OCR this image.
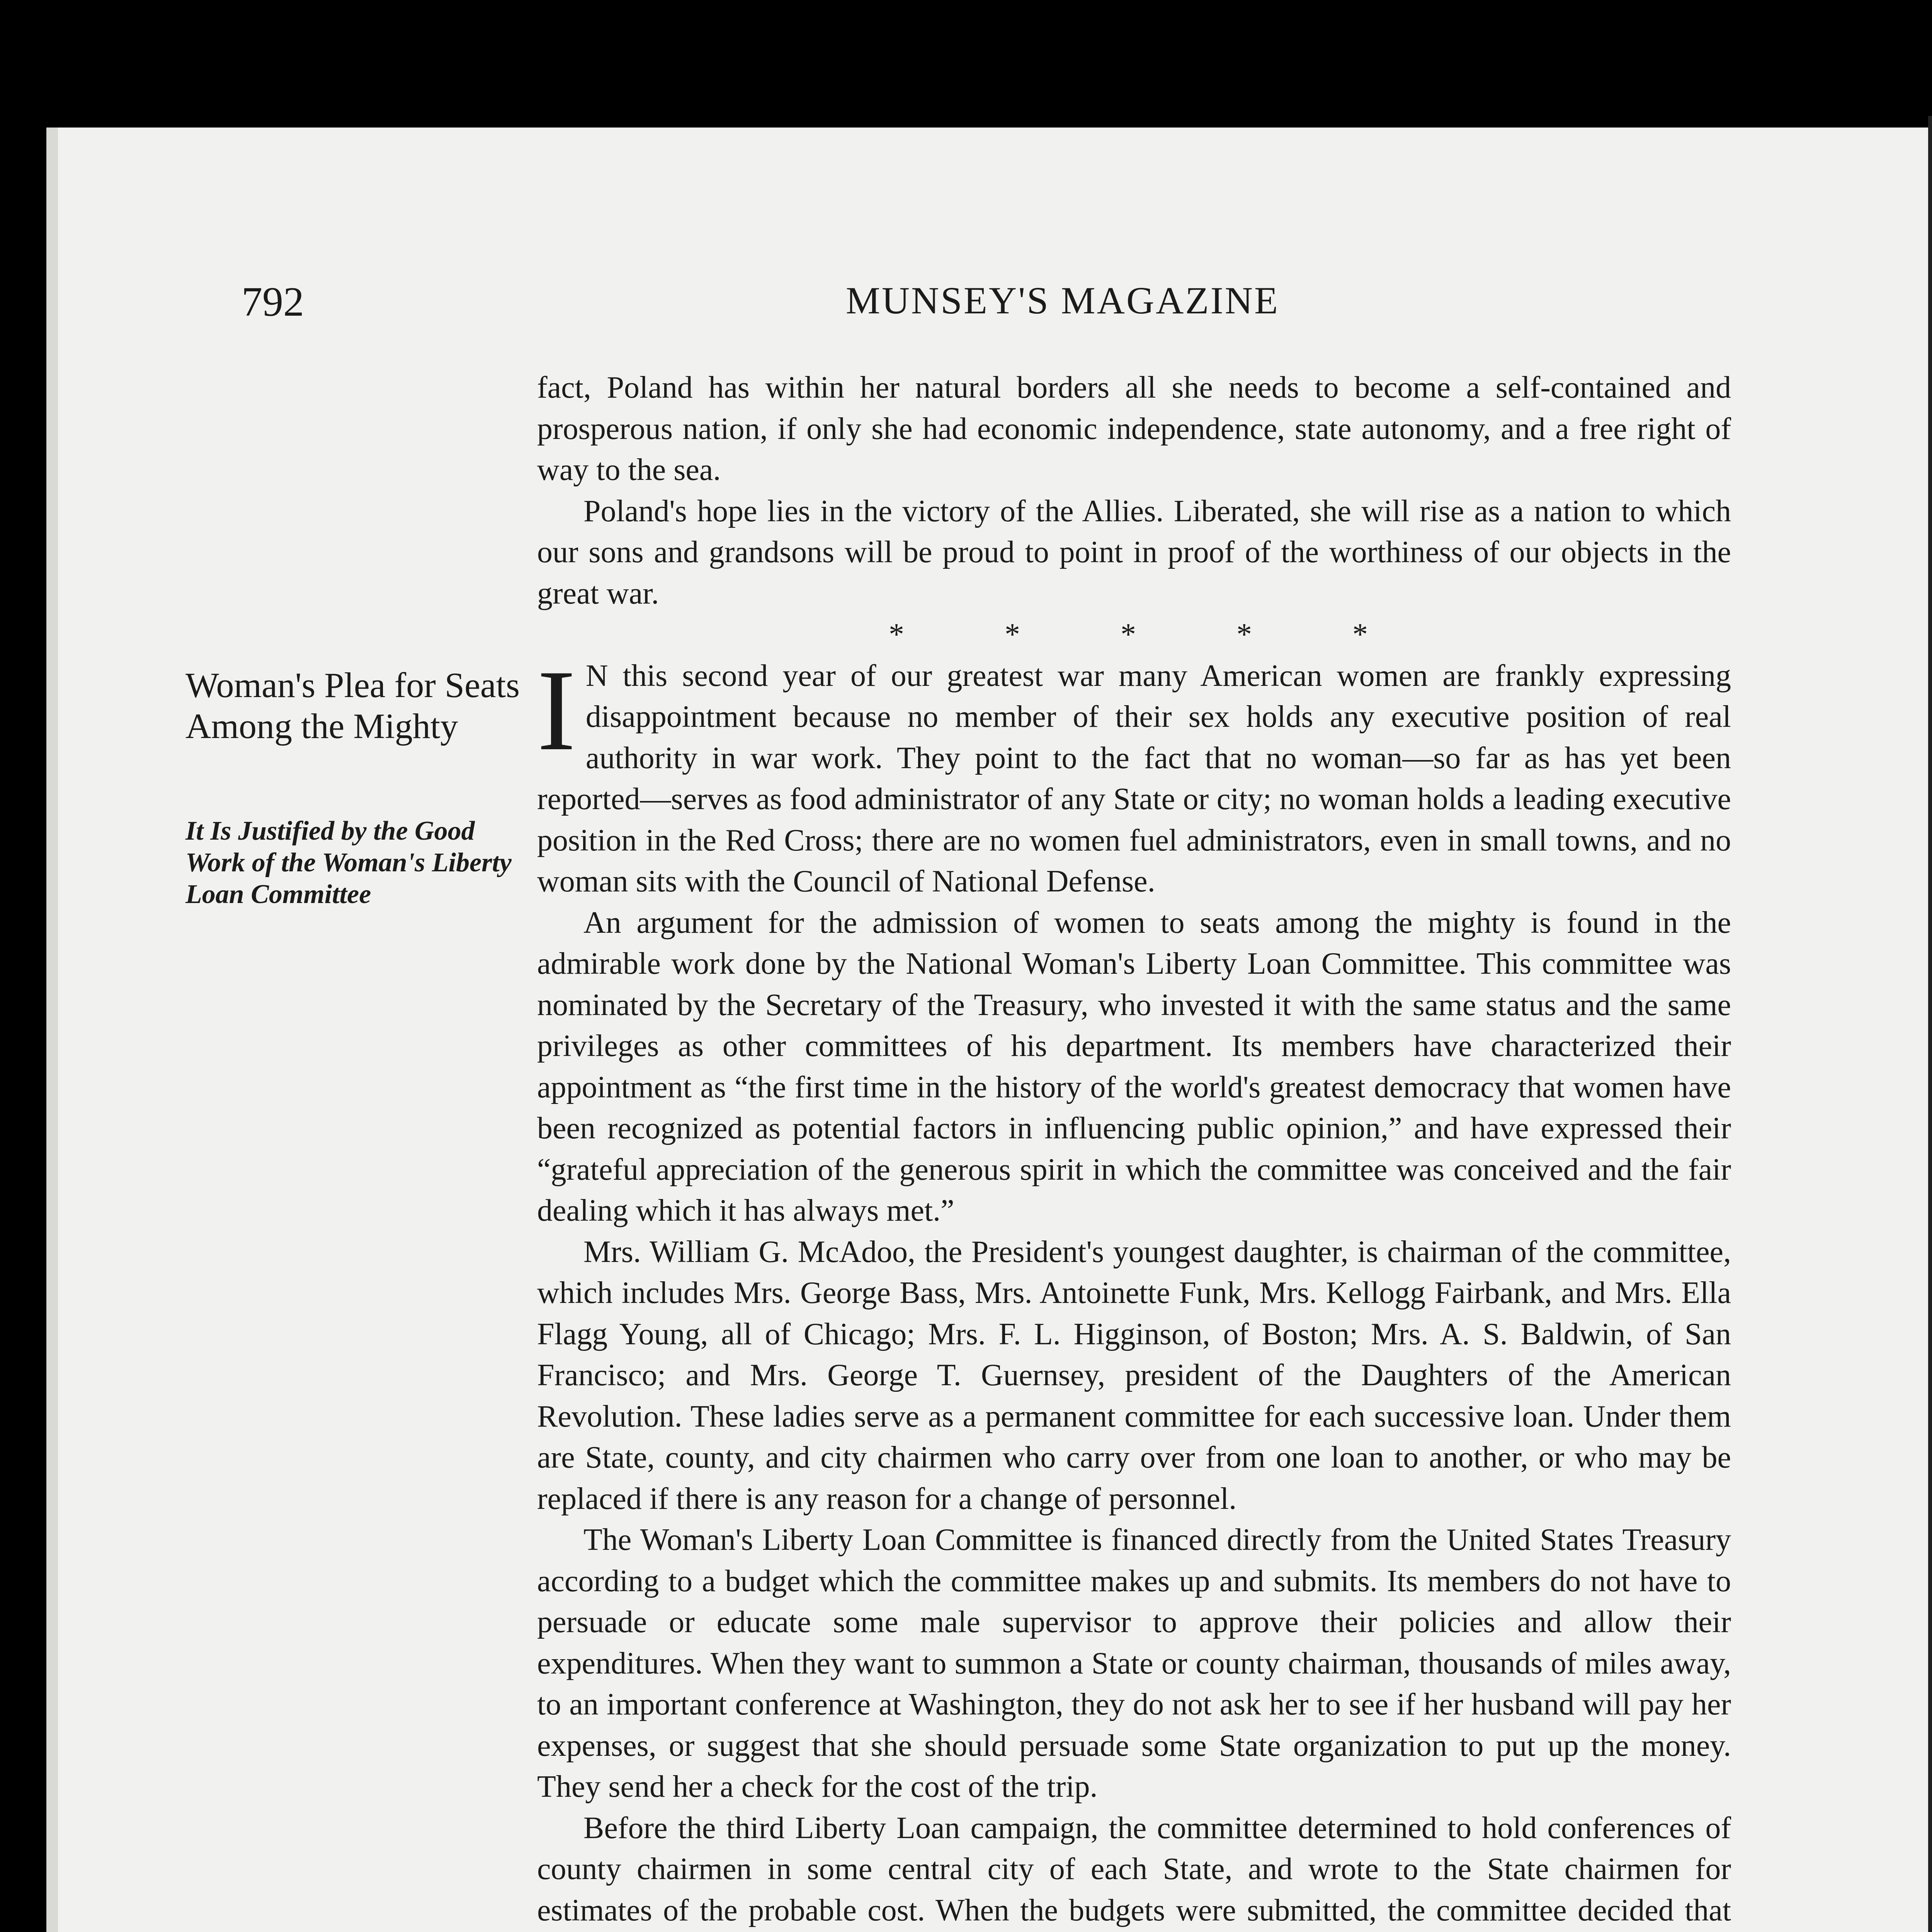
792	MUNSEY'S MAGAZINE
Woman's Plea for Seats Among the Mighty
It Is Justified by the Good Work of the Woman's Liberty Loan Committee

fact, Poland has within her natural borders all she needs to become a self-contained and prosperous nation, if only she had economic independence, state autonomy, and a free right of way to the sea.

Poland's hope lies in the victory of the Allies. Liberated, she will rise as a nation to which our sons and grandsons will be proud to point in proof of the worthiness of our objects in the great war.

* * * * *

I N this second year of our greatest war many American women are frankly expressing disappointment because no member of their sex holds any executive position of real authority in war work. They point to the fact that no woman—so far as has yet been reported—serves as food administrator of any State or city; no woman holds a leading executive position in the Red Cross; there are no women fuel administrators, even in small towns, and no woman sits with the Council of National Defense.

An argument for the admission of women to seats among the mighty is found in the admirable work done by the National Woman's Liberty Loan Committee. This committee was nominated by the Secretary of the Treasury, who invested it with the same status and the same privileges as other committees of his department. Its members have characterized their appointment as “the first time in the history of the world's greatest democracy that women have been recognized as potential factors in influencing public opinion,” and have expressed their “grateful appreciation of the generous spirit in which the committee was conceived and the fair dealing which it has always met.”

Mrs. William G. McAdoo, the President's youngest daughter, is chairman of the committee, which includes Mrs. George Bass, Mrs. Antoinette Funk, Mrs. Kellogg Fairbank, and Mrs. Ella Flagg Young, all of Chicago; Mrs. F. L. Higginson, of Boston; Mrs. A. S. Baldwin, of San Francisco; and Mrs. George T. Guernsey, president of the Daughters of the American Revolution. These ladies serve as a permanent committee for each successive loan. Under them are State, county, and city chairmen who carry over from one loan to another, or who may be replaced if there is any reason for a change of personnel.

The Woman's Liberty Loan Committee is financed directly from the United States Treasury according to a budget which the committee makes up and submits. Its members do not have to persuade or educate some male supervisor to approve their policies and allow their expenditures. When they want to summon a State or county chairman, thousands of miles away, to an important conference at Washington, they do not ask her to see if her husband will pay her expenses, or suggest that she should persuade some State organization to put up the money. They send her a check for the cost of the trip.

Before the third Liberty Loan campaign, the committee determined to hold conferences of county chairmen in some central city of each State, and wrote to the State chairmen for estimates of the probable cost. When the budgets were submitted, the committee decided that
